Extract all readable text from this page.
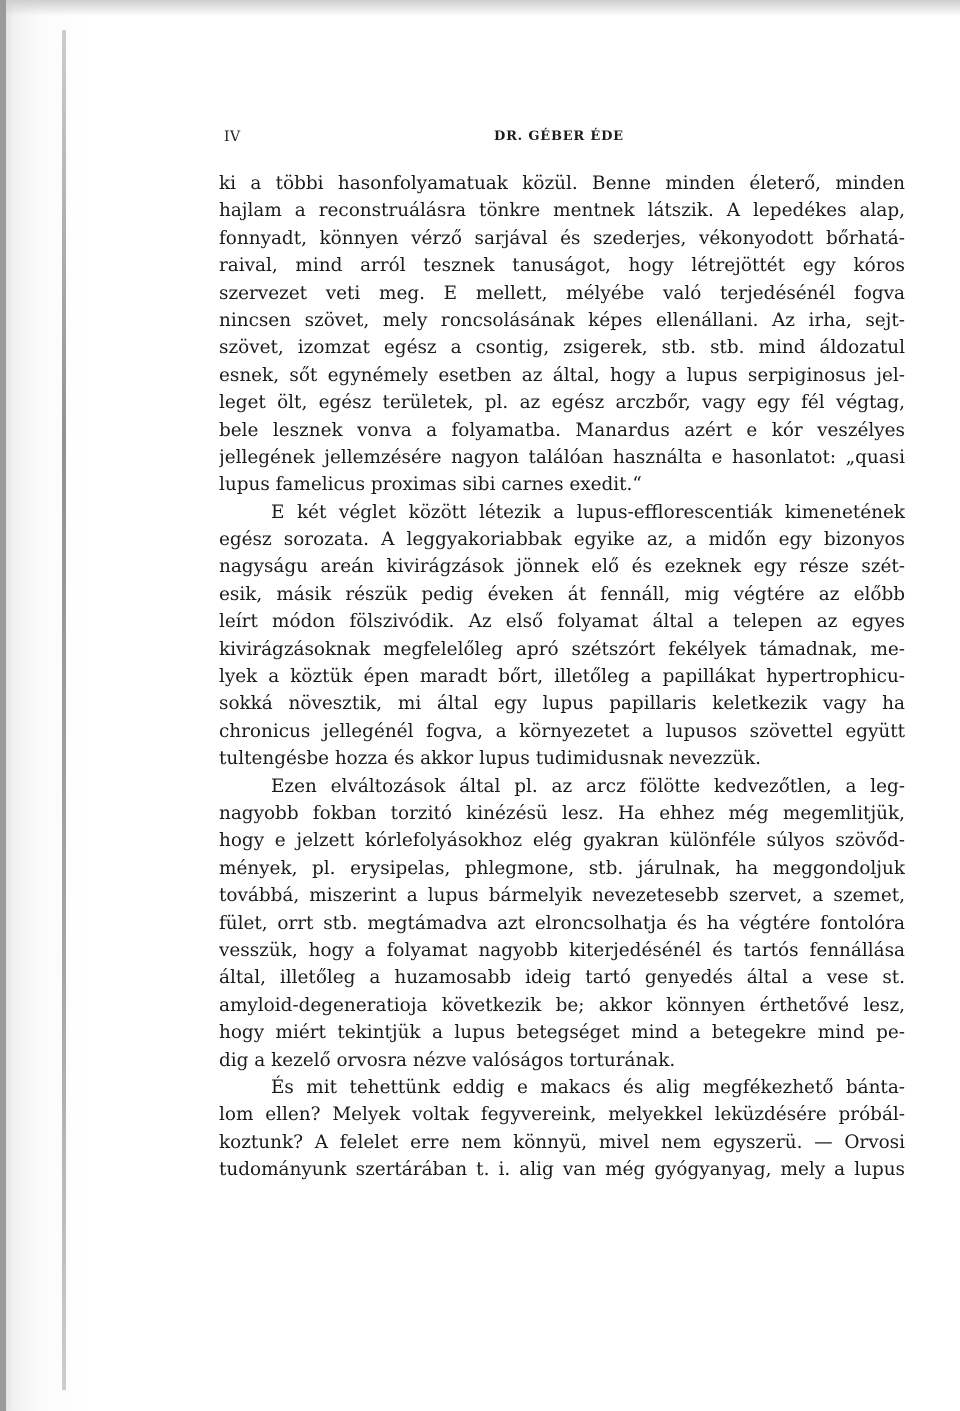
IV	DR. GÉBER ÉDE
ki a többi hasonfolyamatuak közül. Benne minden életerő, minden
hajlam a reconstruálásra tönkre mentnek látszik. A lepedékes alap,
fonnyadt, könnyen vérző sarjával és szederjes, vékonyodott bőrhatá-
raival, mind arról tesznek tanuságot, hogy létrejöttét egy kóros
szervezet veti meg. E mellett, mélyébe való terjedésénél fogva
nincsen szövet, mely roncsolásának képes ellenállani. Az irha, sejt-
szövet, izomzat egész a csontig, zsigerek, stb. stb. mind áldozatul
esnek, sőt egynémely esetben az által, hogy a lupus serpiginosus jel-
leget ölt, egész területek, pl. az egész arczbőr, vagy egy fél végtag,
bele lesznek vonva a folyamatba. Manardus azért e kór veszélyes
jellegének jellemzésére nagyon találóan használta e hasonlatot: „quasi
lupus famelicus proximas sibi carnes exedit.“
E két véglet között létezik a lupus-efflorescentiák kimenetének
egész sorozata. A leggyakoriabbak egyike az, a midőn egy bizonyos
nagyságu areán kivirágzások jönnek elő és ezeknek egy része szét-
esik, másik részük pedig éveken át fennáll, mig végtére az előbb
leírt módon fölszivódik. Az első folyamat által a telepen az egyes
kivirágzásoknak megfelelőleg apró szétszórt fekélyek támadnak, me-
lyek a köztük épen maradt bőrt, illetőleg a papillákat hypertrophicu-
sokká növesztik, mi által egy lupus papillaris keletkezik vagy ha
chronicus jellegénél fogva, a környezetet a lupusos szövettel együtt
tultengésbe hozza és akkor lupus tudimidusnak nevezzük.
Ezen elváltozások által pl. az arcz fölötte kedvezőtlen, a leg-
nagyobb fokban torzitó kinézésü lesz. Ha ehhez még megemlitjük,
hogy e jelzett kórlefolyásokhoz elég gyakran különféle súlyos szövőd-
mények, pl. erysipelas, phlegmone, stb. járulnak, ha meggondoljuk
továbbá, miszerint a lupus bármelyik nevezetesebb szervet, a szemet,
fület, orrt stb. megtámadva azt elroncsolhatja és ha végtére fontolóra
vesszük, hogy a folyamat nagyobb kiterjedésénél és tartós fennállása
által, illetőleg a huzamosabb ideig tartó genyedés által a vese st.
amyloid-degeneratioja következik be; akkor könnyen érthetővé lesz,
hogy miért tekintjük a lupus betegséget mind a betegekre mind pe-
dig a kezelő orvosra nézve valóságos torturának.
És mit tehettünk eddig e makacs és alig megfékezhető bánta-
lom ellen? Melyek voltak fegyvereink, melyekkel leküzdésére próbál-
koztunk? A felelet erre nem könnyü, mivel nem egyszerü. — Orvosi
tudományunk szertárában t. i. alig van még gyógyanyag, mely a lupus
